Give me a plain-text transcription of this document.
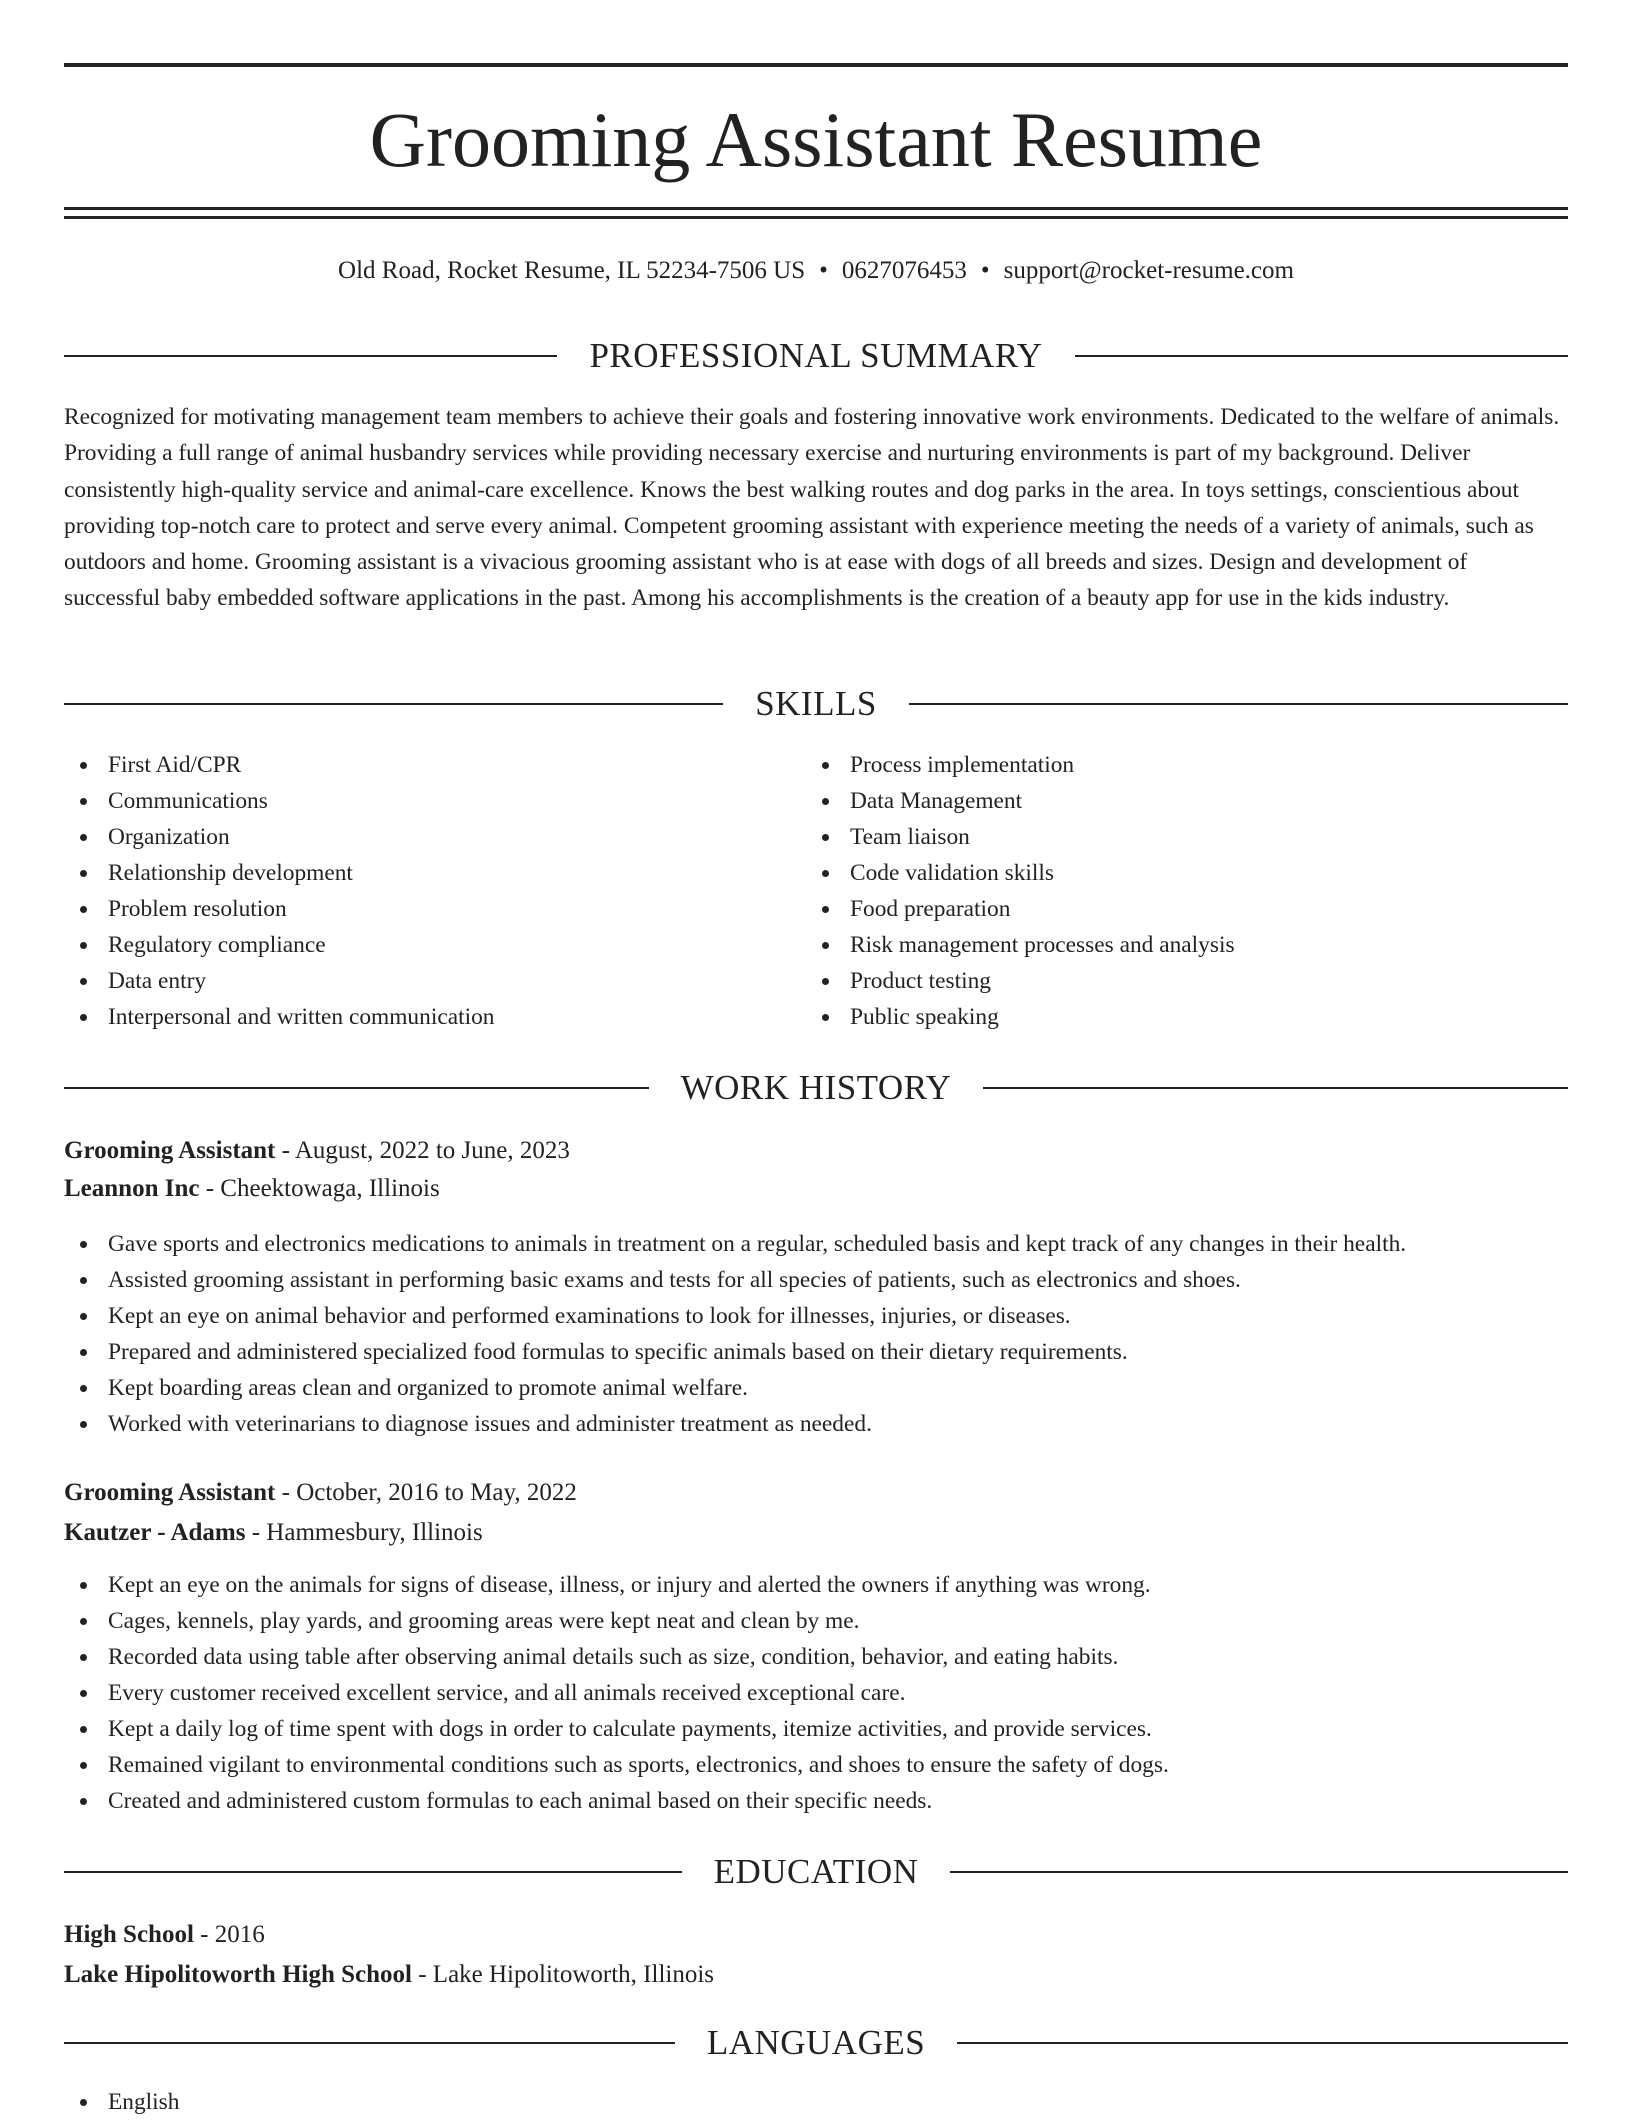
Grooming Assistant Resume
Old Road, Rocket Resume, IL 52234-7506 US • 0627076453 • support@rocket-resume.com
PROFESSIONAL SUMMARY

Recognized for motivating management team members to achieve their goals and fostering innovative work environments. Dedicated to the welfare of animals. Providing a full range of animal husbandry services while providing necessary exercise and nurturing environments is part of my background. Deliver consistently high-quality service and animal-care excellence. Knows the best walking routes and dog parks in the area. In toys settings, conscientious about providing top-notch care to protect and serve every animal. Competent grooming assistant with experience meeting the needs of a variety of animals, such as outdoors and home. Grooming assistant is a vivacious grooming assistant who is at ease with dogs of all breeds and sizes. Design and development of successful baby embedded software applications in the past. Among his accomplishments is the creation of a beauty app for use in the kids industry.

SKILLS
First Aid/CPR
Communications
Organization
Relationship development
Problem resolution
Regulatory compliance
Data entry
Interpersonal and written communication
Process implementation
Data Management
Team liaison
Code validation skills
Food preparation
Risk management processes and analysis
Product testing
Public speaking
WORK HISTORY
Grooming Assistant - August, 2022 to June, 2023
Leannon Inc - Cheektowaga, Illinois
Gave sports and electronics medications to animals in treatment on a regular, scheduled basis and kept track of any changes in their health.
Assisted grooming assistant in performing basic exams and tests for all species of patients, such as electronics and shoes.
Kept an eye on animal behavior and performed examinations to look for illnesses, injuries, or diseases.
Prepared and administered specialized food formulas to specific animals based on their dietary requirements.
Kept boarding areas clean and organized to promote animal welfare.
Worked with veterinarians to diagnose issues and administer treatment as needed.
Grooming Assistant - October, 2016 to May, 2022
Kautzer - Adams - Hammesbury, Illinois
Kept an eye on the animals for signs of disease, illness, or injury and alerted the owners if anything was wrong.
Cages, kennels, play yards, and grooming areas were kept neat and clean by me.
Recorded data using table after observing animal details such as size, condition, behavior, and eating habits.
Every customer received excellent service, and all animals received exceptional care.
Kept a daily log of time spent with dogs in order to calculate payments, itemize activities, and provide services.
Remained vigilant to environmental conditions such as sports, electronics, and shoes to ensure the safety of dogs.
Created and administered custom formulas to each animal based on their specific needs.
EDUCATION
High School - 2016
Lake Hipolitoworth High School - Lake Hipolitoworth, Illinois
LANGUAGES
English
